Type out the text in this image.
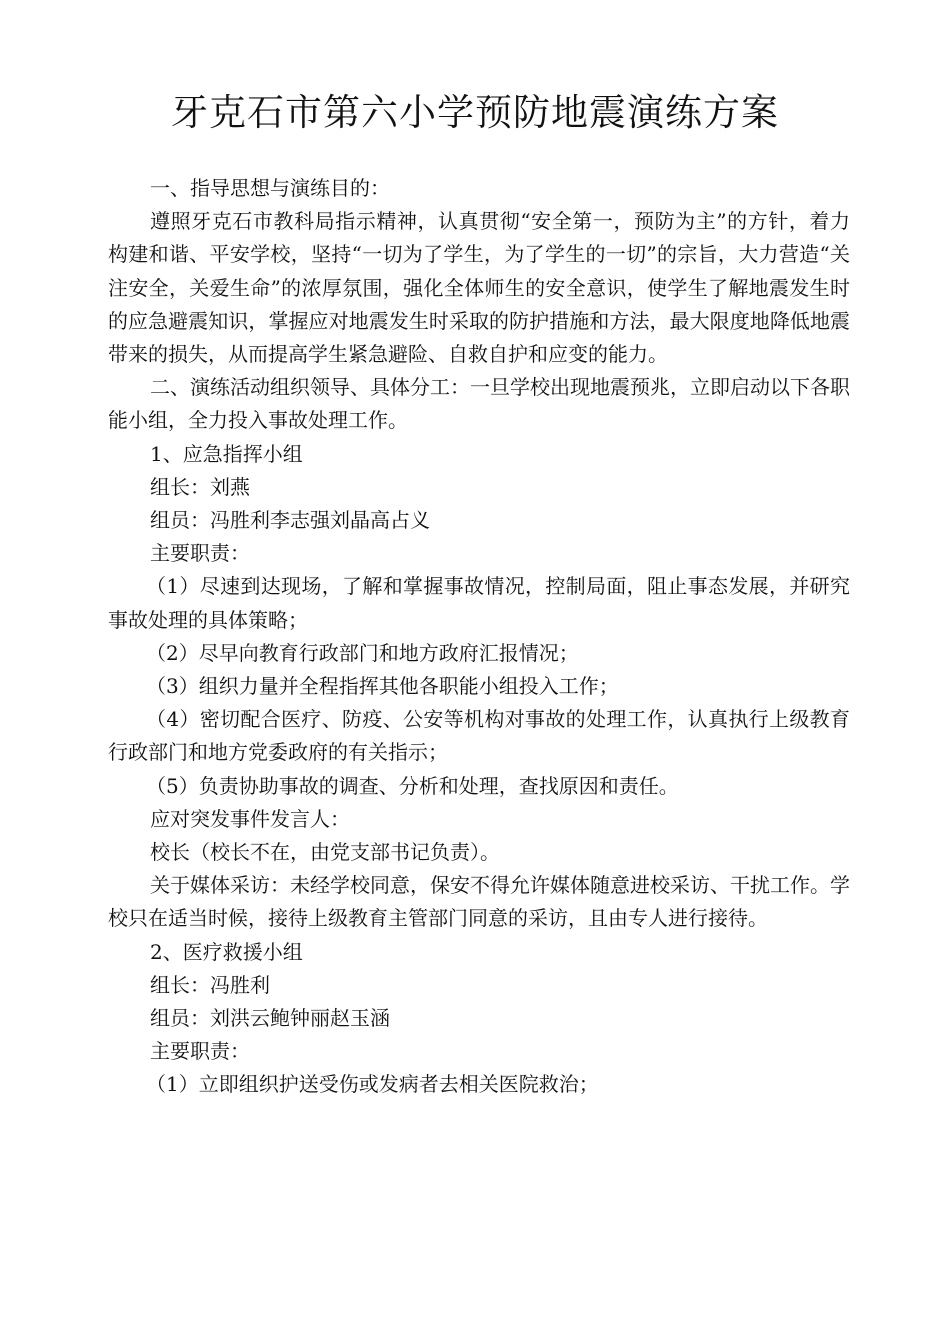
牙克石市第六小学预防地震演练方案

一、指导思想与演练目的：

遵照牙克石市教科局指示精神，认真贯彻“安全第一，预防为主”的方针，着力构建和谐、平安学校，坚持“一切为了学生，为了学生的一切”的宗旨，大力营造“关注安全，关爱生命”的浓厚氛围，强化全体师生的安全意识，使学生了解地震发生时的应急避震知识，掌握应对地震发生时采取的防护措施和方法，最大限度地降低地震带来的损失，从而提高学生紧急避险、自救自护和应变的能力。

二、演练活动组织领导、具体分工：一旦学校出现地震预兆，立即启动以下各职能小组，全力投入事故处理工作。

1、应急指挥小组

组长：刘燕

组员：冯胜利李志强刘晶高占义

主要职责：

（1）尽速到达现场，了解和掌握事故情况，控制局面，阻止事态发展，并研究事故处理的具体策略；

（2）尽早向教育行政部门和地方政府汇报情况；

（3）组织力量并全程指挥其他各职能小组投入工作；

（4）密切配合医疗、防疫、公安等机构对事故的处理工作，认真执行上级教育行政部门和地方党委政府的有关指示；

（5）负责协助事故的调查、分析和处理，查找原因和责任。

应对突发事件发言人：

校长（校长不在，由党支部书记负责）。

关于媒体采访：未经学校同意，保安不得允许媒体随意进校采访、干扰工作。学校只在适当时候，接待上级教育主管部门同意的采访，且由专人进行接待。

2、医疗救援小组

组长：冯胜利

组员：刘洪云鲍钟丽赵玉涵

主要职责：

（1）立即组织护送受伤或发病者去相关医院救治；
